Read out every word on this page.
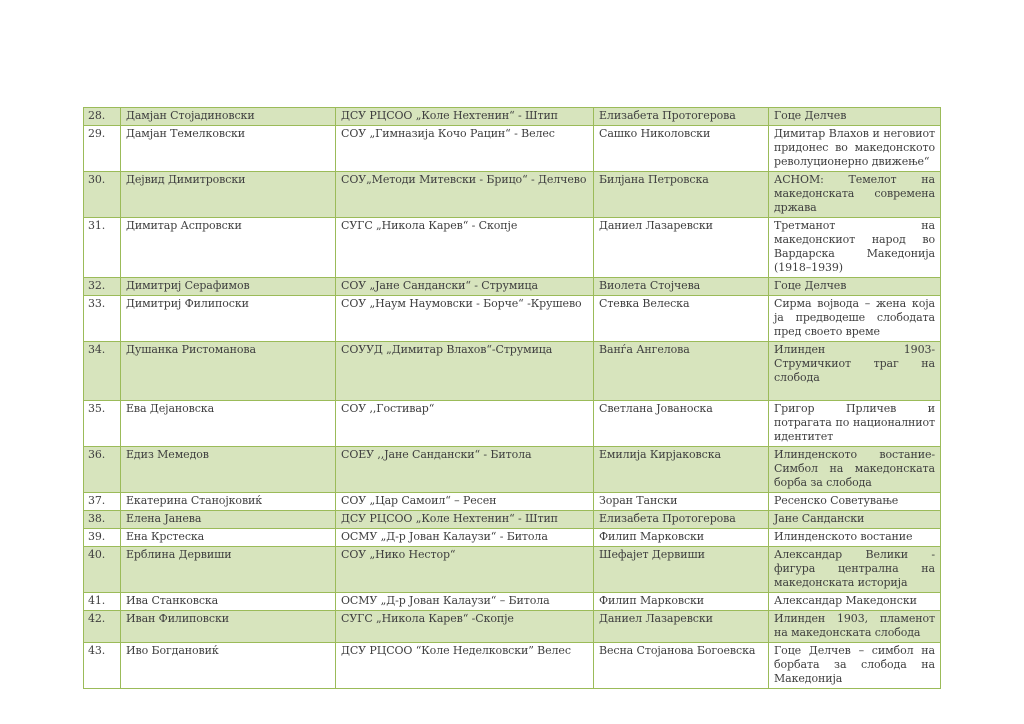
28.	Дамјан Стојадиновски	ДСУ РЦСОО „Коле Нехтенин“ - Штип	Елизабета Протогерова	Гоце Делчев
29.	Дамјан Темелковски	СОУ „Гимназија Кочо Рацин“ - Велес	Сашко Николовски	Димитар Влахов и неговиот придонес во македонското револуционерно движење“
30.	Дејвид Димитровски	СОУ„Методи Митевски - Брицо“ - Делчево	Билјана Петровска	АСНОМ: Темелот на македонската современа држава
31.	Димитар Аспровски	СУГС „Никола Карев“ - Скопје	Даниел Лазаревски	Третманот на македонскиот народ во Вардарска Македонија (1918–1939)
32.	Димитриј Серафимов	СОУ „Јане Сандански“ - Струмица	Виолета Стојчева	Гоце Делчев
33.	Димитриј Филипоски	СОУ „Наум Наумовски - Борче“ -Крушево	Стевка Велеска	Сирма војвода – жена која ја предводеше слободата пред своето време
34.	Душанка Ристоманова	СОУУД „Димитар Влахов“-Струмица	Ванѓа Ангелова	Илинден 1903- Струмичкиот траг на слобода
35.	Ева Дејановска	СОУ ,,Гостивар“	Светлана Јованоска	Григор Прличев и потрагата по националниот идентитет
36.	Едиз Мемедов	СОЕУ ,,Јане Сандански“ - Битола	Емилија Кирјаковска	Илинденското востание- Симбол на македонската борба за слобода
37.	Екатерина Станојковиќ	СОУ „Цар Самоил“ – Ресен	Зоран Тански	Ресенско Советување
38.	Елена Јанева	ДСУ РЦСОО „Коле Нехтенин“ - Штип	Елизабета Протогерова	Јане Сандански
39.	Ена Крстеска	ОСМУ „Д-р Јован Калаузи“ - Битола	Филип Марковски	Илинденското востание
40.	Ерблина Дервиши	СОУ „Нико Нестор“	Шефајет Дервиши	Александар Велики - фигура централна на македонската историја
41.	Ива Станковска	ОСМУ „Д-р Јован Калаузи“ – Битола	Филип Марковски	Александар Македонски
42.	Иван Филиповски	СУГС „Никола Карев“ -Скопје	Даниел Лазаревски	Илинден 1903, пламенот на македонската слобода
43.	Иво Богдановиќ	ДСУ РЦСОО “Коле Неделковски” Велес	Весна Стојанова Богоевска	Гоце Делчев – симбол на борбата за слобода на Македонија
